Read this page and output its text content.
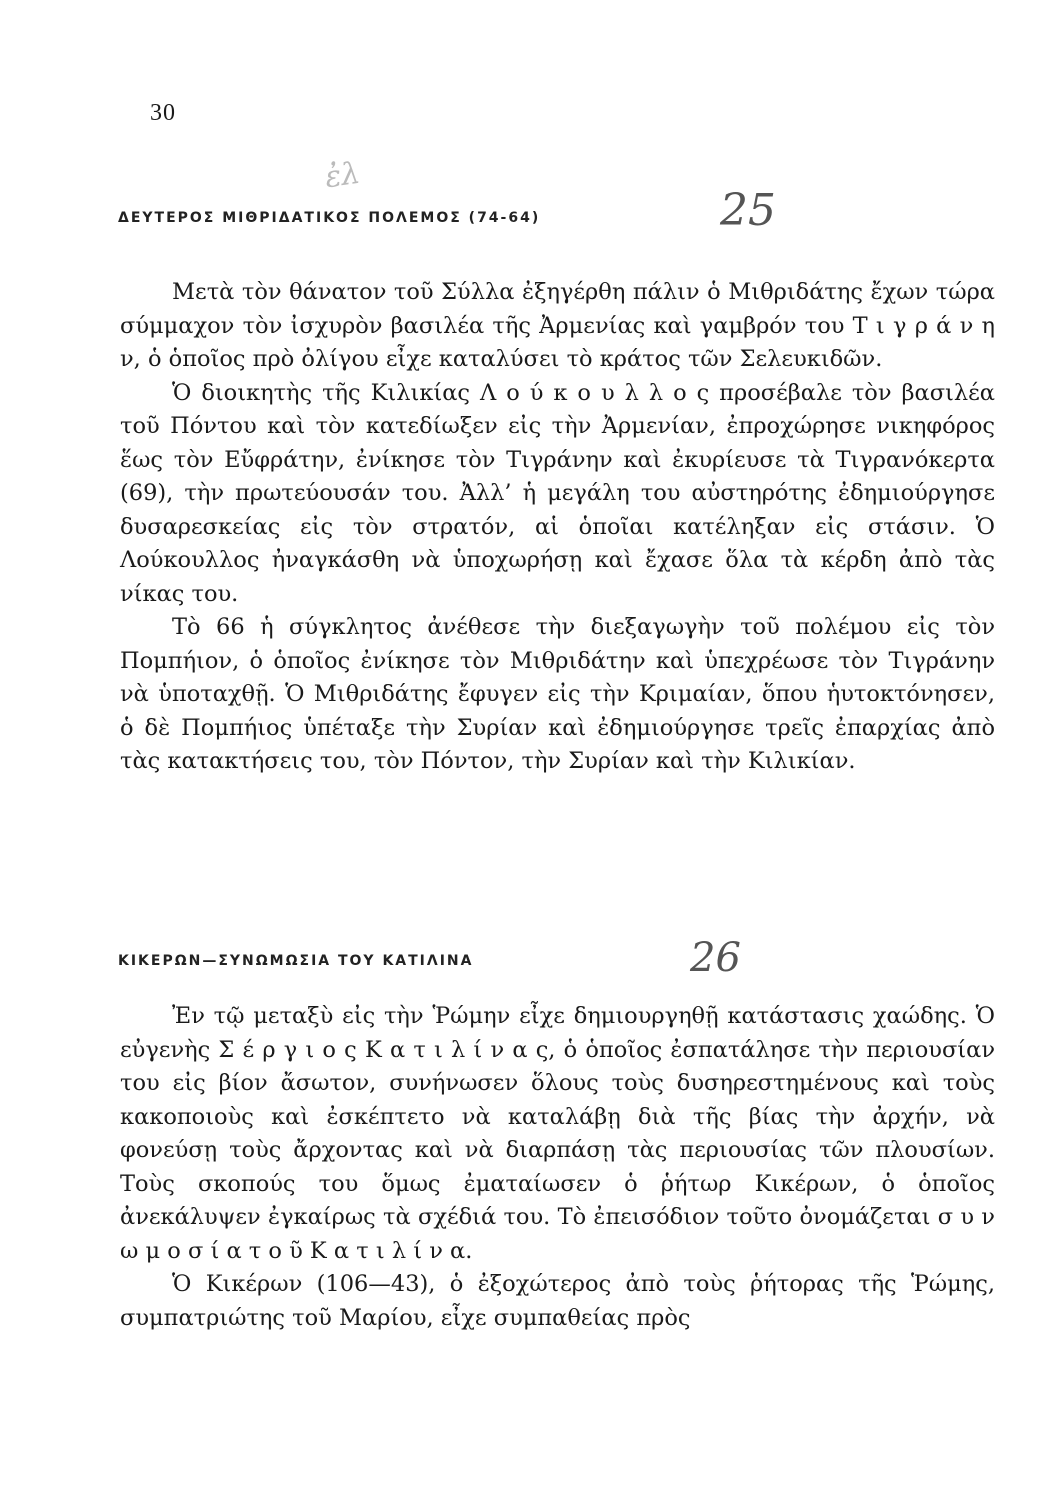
30
ἐλ
25
ΔΕΥΤΕΡΟΣ ΜΙΘΡΙΔΑΤΙΚΟΣ ΠΟΛΕΜΟΣ (74-64)

Μετὰ τὸν θάνατον τοῦ Σύλλα ἐξηγέρθη πάλιν ὁ Μιθριδάτης ἔχων τώρα σύμμαχον τὸν ἰσχυρὸν βασιλέα τῆς Ἀρμενίας καὶ γαμβρόν του Τ ι γ ρ ά ν η ν, ὁ ὁποῖος πρὸ ὀλίγου εἶχε καταλύσει τὸ κράτος τῶν Σελευκιδῶν.

Ὁ διοικητὴς τῆς Κιλικίας Λ ο ύ κ ο υ λ λ ο ς προσέβαλε τὸν βασιλέα τοῦ Πόντου καὶ τὸν κατεδίωξεν εἰς τὴν Ἀρμενίαν, ἐπροχώρησε νικηφόρος ἕως τὸν Εὔφράτην, ἐνίκησε τὸν Τιγράνην καὶ ἐκυρίευσε τὰ Τιγρανόκερτα (69), τὴν πρωτεύουσάν του. Ἀλλ’ ἡ μεγάλη του αὐστηρότης ἐδημιούργησε δυσαρεσκείας εἰς τὸν στρατόν, αἱ ὁποῖαι κατέληξαν εἰς στάσιν. Ὁ Λούκουλλος ἠναγκάσθη νὰ ὑποχωρήσῃ καὶ ἔχασε ὅλα τὰ κέρδη ἀπὸ τὰς νίκας του.

Τὸ 66 ἡ σύγκλητος ἀνέθεσε τὴν διεξαγωγὴν τοῦ πολέμου εἰς τὸν Πομπήιον, ὁ ὁποῖος ἐνίκησε τὸν Μιθριδάτην καὶ ὑπεχρέωσε τὸν Τιγράνην νὰ ὑποταχθῇ. Ὁ Μιθριδάτης ἔφυγεν εἰς τὴν Κριμαίαν, ὅπου ἡυτοκτόνησεν, ὁ δὲ Πομπήιος ὑπέταξε τὴν Συρίαν καὶ ἐδημιούργησε τρεῖς ἐπαρχίας ἀπὸ τὰς κατακτήσεις του, τὸν Πόντον, τὴν Συρίαν καὶ τὴν Κιλικίαν.

ΚΙΚΕΡΩΝ—ΣΥΝΩΜΩΣΙΑ ΤΟΥ ΚΑΤΙΛΙΝΑ	26

Ἐν τῷ μεταξὺ εἰς τὴν Ῥώμην εἶχε δημιουργηθῇ κατάστασις χαώδης. Ὁ εὐγενὴς Σ έ ρ γ ι ο ς Κ α τ ι λ ί ν α ς, ὁ ὁποῖος ἐσπατάλησε τὴν περιουσίαν του εἰς βίον ἄσωτον, συνήνωσεν ὅλους τοὺς δυσηρεστημένους καὶ τοὺς κακοποιοὺς καὶ ἐσκέπτετο νὰ καταλάβῃ διὰ τῆς βίας τὴν ἀρχήν, νὰ φονεύσῃ τοὺς ἄρχοντας καὶ νὰ διαρπάσῃ τὰς περιουσίας τῶν πλουσίων. Τοὺς σκοπούς του ὅμως ἐματαίωσεν ὁ ῥήτωρ Κικέρων, ὁ ὁποῖος ἀνεκάλυψεν ἐγκαίρως τὰ σχέδιά του. Τὸ ἐπεισόδιον τοῦτο ὀνομάζεται σ υ ν ω μ ο σ ί α τ ο ῦ Κ α τ ι λ ί ν α.

Ὁ Κικέρων (106—43), ὁ ἐξοχώτερος ἀπὸ τοὺς ῥήτορας τῆς Ῥώμης, συμπατριώτης τοῦ Μαρίου, εἶχε συμπαθείας πρὸς
